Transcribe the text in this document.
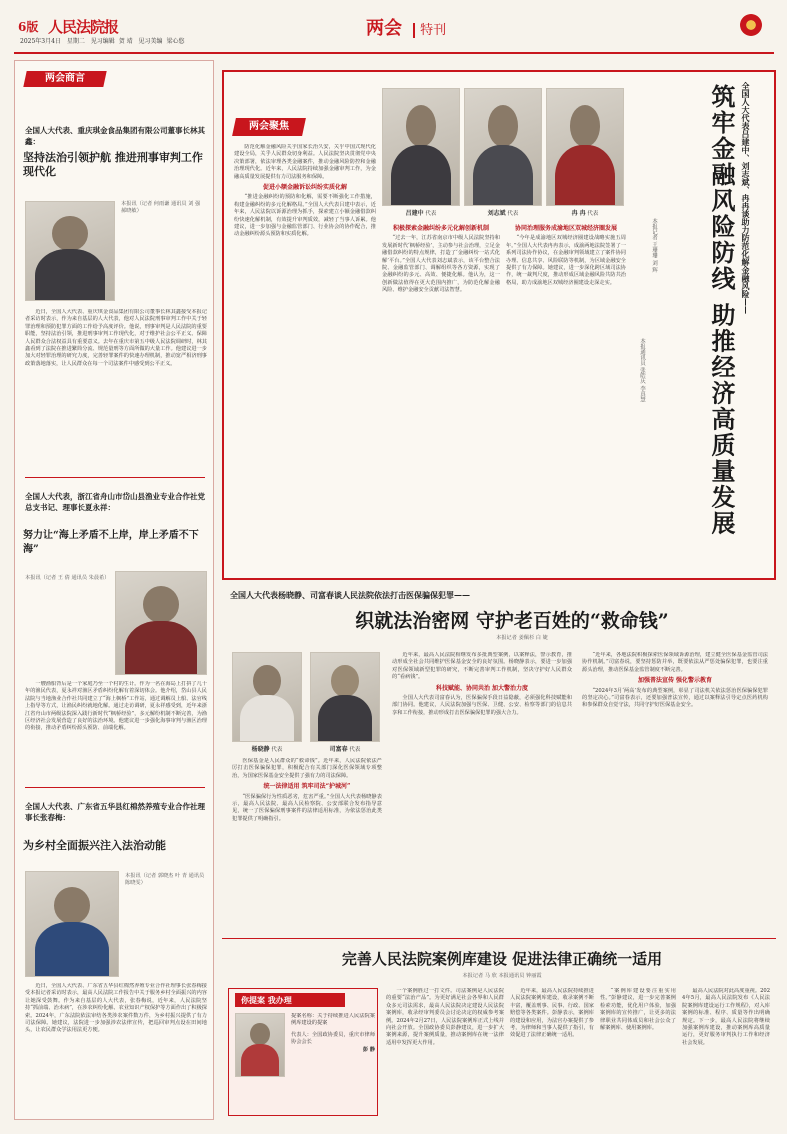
6版 人民法院报
2025年3月4日 星期二 见习编辑 贺 靖 见习美编 梁心悠
两会 特刊
两会商言
全国人大代表、重庆琪金食品集团有限公司董事长林其鑫：
坚持法治引领护航 推进刑事审判工作现代化
本报讯（记者 何雨谦 通讯员 刘 强 郝晓敏）

近日，全国人大代表、重庆琪金食品集团有限公司董事长林其鑫接受本报记者采访时表示，作为来自基层的人大代表，他对人民法院刑事审判工作中关于轻罪治理和预防犯罪方面的工作给予高度评价。他说，刑事审判是人民法院的重要职能，坚持法治引领，推进刑事审判工作现代化，对于维护社会公平正义、保障人民群众合法权益具有重要意义。去年在重庆市第五中级人民法院调研时，林其鑫看到了法院在推进繁简分流、规范量刑等方面所做的大量工作。他建议进一步加大对轻罪治理的研究力度，完善轻罪案件的快速办理机制，推动宽严相济刑事政策落地落实，让人民群众在每一个司法案件中感受到公平正义。

全国人大代表，浙江省舟山市岱山县渔业专业合作社党总支书记、理事长夏永祥：
努力让“海上矛盾不上岸，岸上矛盾不下海”
本报讯（记者 王 倩 通讯员 朱晨希）

一艘渔船背后是一个家庭乃至一个村的生计。作为一名在海岛上打拼了几十年的渔民代表，夏永祥对渔区矛盾纠纷化解有着深切体会。他介绍，岱山县人民法院与当地渔业合作社共同建立了“海上枫桥”工作站，通过调解员上船、法官线上指导等方式，让渔民纠纷就地化解。通过走访调研，夏永祥感受到，近年来浙江省舟山市两级法院深入践行新时代“枫桥经验”，多元解纷机制不断完善，为渔区经济社会发展营造了良好的法治环境。他建议进一步强化海事审判与渔区治理的衔接，推动矛盾纠纷源头预防、前端化解。

全国人大代表、广东省五华县红棉然养殖专业合作社理事长张春梅：
为乡村全面振兴注入法治动能
本报讯（记者 郭晓杰 叶 青 通讯员 陈晓雯）

近日，全国人大代表、广东省五华县红棉然养殖专业合作社理事长张春梅接受本报记者采访时表示，最高人民法院工作报告中关于服务乡村全面振兴的内容让她深受鼓舞。作为来自基层的人大代表，张春梅说，近年来，人民法院坚持“抓前端、治未病”，在涉农纠纷化解、农业知识产权保护等方面作出了积极探索。2024年，广东法院依法审结各类涉农案件数万件，为乡村振兴提供了有力司法保障。她建议，法院进一步加强涉农法律宣传，把巡回审判点设在田间地头，让农民群众学法用法更方便。

两会聚焦
吕建中 代表	刘志斌 代表	冉 冉 代表

防范化解金融风险关乎国家长治久安，关乎中国式现代化建设全局，关乎人民群众切身利益。人民法院坚决贯彻党中央决策部署，依法审理各类金融案件，推动金融风险防控和金融治理现代化。近年来，人民法院持续加强金融审判工作，为金融高质量发展提供有力司法服务和保障。

促进小额金融诉讼纠纷实质化解

“推进金融纠纷的预防和化解，需要不断强化工作措施，构建金融纠纷的多元化解格局。”全国人大代表吕建中表示，近年来，人民法院以诉源治理为抓手，探索建立小额金融借款纠纷快速化解机制，有效提升审判质效，减轻了当事人诉累。他建议，进一步加强与金融监管部门、行业协会的协作配合，推动金融纠纷源头预防和实质化解。

积极探索金融纠纷多元化解创新机制

“过去一年，江苏省南京市中级人民法院坚持和发展新时代‘枫桥经验’，主动参与社会治理，立足金融借款纠纷的特点规律，打造了‘金融纠纷一站式化解’平台。”全国人大代表刘志斌表示，该平台整合法院、金融监管部门、调解组织等各方资源，实现了金融纠纷的多元、高效、便捷化解。他认为，这一创新做法值得在更大范围内推广，为防范化解金融风险、维护金融安全贡献司法智慧。

协同治理服务成渝地区双城经济圈发展

“今年是成渝地区双城经济圈建设战略实施五周年。”全国人大代表冉冉表示，成渝两地法院签署了一系列司法协作协议，在金融审判领域建立了案件协同办理、信息共享、风险联防等机制，为区域金融安全提供了有力保障。她建议，进一步深化跨区域司法协作，统一裁判尺度，推动形成区域金融风险共防共治格局，助力成渝地区双城经济圈建设走深走实。	全国人大代表吕建中、刘志斌、冉冉谈助力防范化解金融风险——
筑牢金融风险防线 助推经济高质量发展
本报记者 王珊珊 刘 辉
本报通讯员 张皓庆 李真慧
全国人大代表杨晓静、司富春谈人民法院依法打击医保骗保犯罪——
织就法治密网 守护老百姓的“救命钱”
本报记者 姜佩杉 白 婕
杨晓静 代表	司富春 代表

医保基金是人民群众的“救命钱”。近年来，人民法院依法严厉打击医保骗保犯罪，积极配合有关部门深化医保领域专项整治，为国家医保基金安全提供了强有力的司法保障。

统一法律适用 筑牢司法“护城河”

“医保骗保行为性质恶劣，危害严重。”全国人大代表杨晓静表示，最高人民法院、最高人民检察院、公安部联合发布指导意见，统一了医保骗保刑事案件的法律适用标准，为依法惩治此类犯罪提供了明确指引。

近年来，最高人民法院相继发布多批典型案例，以案释法，警示教育，推动形成全社会共同维护医保基金安全的良好氛围。杨晓静表示，要进一步加强对医保领域新型犯罪的研究，不断完善审判工作机制，坚决守护好人民群众的“看病钱”。

科技赋能、协同共治 加大警治力度

全国人大代表司富春认为，医保骗保手段日益隐蔽，必须强化科技赋能和部门协同。他建议，人民法院加强与医保、卫健、公安、检察等部门的信息共享和工作衔接，推动形成打击医保骗保犯罪的强大合力。

“近年来，各地法院积极探索医保领域诉源治理，建立健全医保基金监管司法协作机制。”司富春说，要坚持惩防并举，既要依法从严惩处骗保犯罪，也要注重源头治理，推动医保基金监管制度不断完善。

加强普法宣传 强化警示教育

“2024年3月‘两高’发布的典型案例，彰显了司法机关依法惩治医保骗保犯罪的坚定决心。”司富春表示，还要加强普法宣传，通过以案释法引导定点医药机构和参保群众自觉守法，共同守护好医保基金安全。

完善人民法院案例库建设 促进法律正确统一适用
本报记者 马 欣 本报通讯员 钟丽霞
你提案 我办理
提案名称：关于持续推进人民法院案例库建设的提案
代表人：全国政协委员，重庆市律师协会会长
彭 静

一个案例胜过一打文件。司法案例是人民法院的重要“法治产品”。为更好满足社会各界和人民群众多元司法需求，最高人民法院决定建设人民法院案例库，收录经审判委员会讨论决定的权威参考案例。2024年2月27日，人民法院案例库正式上线并向社会开放。全国政协委员彭静建议，进一步扩大案例来源，提升案例质量，推动案例库在统一法律适用中发挥更大作用。

近年来，最高人民法院持续推进人民法院案例库建设，收录案例不断丰富，覆盖刑事、民事、行政、国家赔偿等各类案件。彭静表示，案例库的建设和应用，为法官办案提供了参考，为律师和当事人提供了指引，有效促进了法律正确统一适用。

“案例库建设要注重实用性。”彭静建议，进一步完善案例检索功能，优化用户体验，加强案例库的宣传推广，让更多的法律职业共同体成员和社会公众了解案例库、使用案例库。

最高人民法院对此高度重视。2024年5月，最高人民法院发布《人民法院案例库建设运行工作规程》，对入库案例的标准、程序、质量等作出明确规定。下一步，最高人民法院将继续加强案例库建设，推动案例库高质量运行，更好服务审判执行工作和经济社会发展。
